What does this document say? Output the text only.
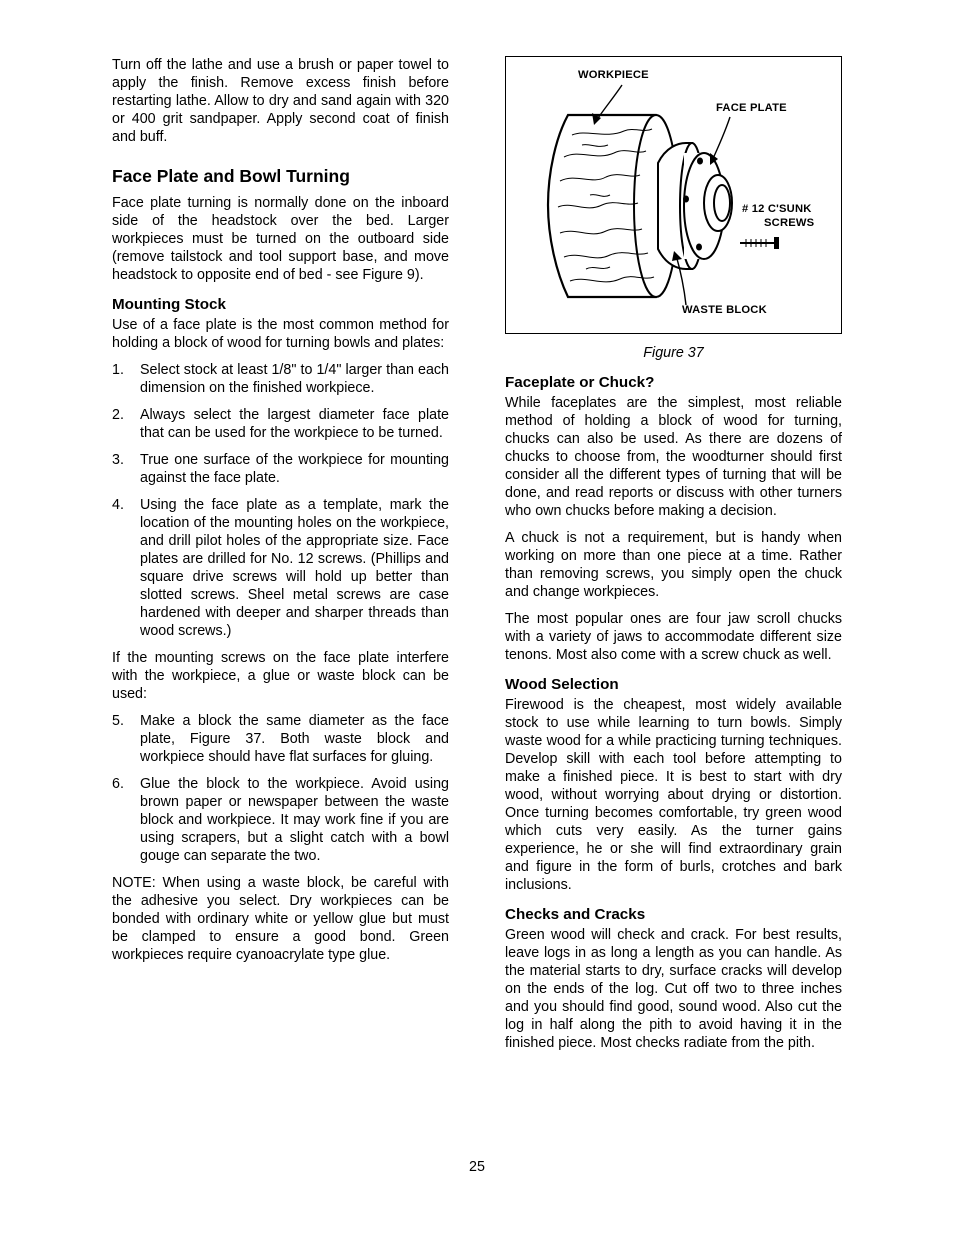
Turn off the lathe and use a brush or paper towel to apply the finish. Remove excess finish before restarting lathe. Allow to dry and sand again with 320 or 400 grit sandpaper. Apply second coat of finish and buff.

Face Plate and Bowl Turning

Face plate turning is normally done on the inboard side of the headstock over the bed. Larger workpieces must be turned on the outboard side (remove tailstock and tool support base, and move headstock to opposite end of bed - see Figure 9).

Mounting Stock

Use of a face plate is the most common method for holding a block of wood for turning bowls and plates:

1.	Select stock at least 1/8" to 1/4" larger than each dimension on the finished workpiece.
2.	Always select the largest diameter face plate that can be used for the workpiece to be turned.
3.	True one surface of the workpiece for mounting against the face plate.
4.	Using the face plate as a template, mark the location of the mounting holes on the workpiece, and drill pilot holes of the appropriate size. Face plates are drilled for No. 12 screws. (Phillips and square drive screws will hold up better than slotted screws. Sheel metal screws are case hardened with deeper and sharper threads than wood screws.)

If the mounting screws on the face plate interfere with the workpiece, a glue or waste block can be used:

5.	Make a block the same diameter as the face plate, Figure 37. Both waste block and workpiece should have flat surfaces for gluing.
6.	Glue the block to the workpiece. Avoid using brown paper or newspaper between the waste block and workpiece. It may work fine if you are using scrapers, but a slight catch with a bowl gouge can separate the two.

NOTE: When using a waste block, be careful with the adhesive you select. Dry workpieces can be bonded with ordinary white or yellow glue but must be clamped to ensure a good bond. Green workpieces require cyanoacrylate type glue.

WORKPIECE
FACE PLATE
# 12 C'SUNK
SCREWS
WASTE BLOCK

Figure 37

Faceplate or Chuck?

While faceplates are the simplest, most reliable method of holding a block of wood for turning, chucks can also be used. As there are dozens of chucks to choose from, the woodturner should first consider all the different types of turning that will be done, and read reports or discuss with other turners who own chucks before making a decision.

A chuck is not a requirement, but is handy when working on more than one piece at a time. Rather than removing screws, you simply open the chuck and change workpieces.

The most popular ones are four jaw scroll chucks with a variety of jaws to accommodate different size tenons. Most also come with a screw chuck as well.

Wood Selection

Firewood is the cheapest, most widely available stock to use while learning to turn bowls. Simply waste wood for a while practicing turning techniques. Develop skill with each tool before attempting to make a finished piece. It is best to start with dry wood, without worrying about drying or distortion. Once turning becomes comfortable, try green wood which cuts very easily. As the turner gains experience, he or she will find extraordinary grain and figure in the form of burls, crotches and bark inclusions.

Checks and Cracks

Green wood will check and crack. For best results, leave logs in as long a length as you can handle. As the material starts to dry, surface cracks will develop on the ends of the log. Cut off two to three inches and you should find good, sound wood. Also cut the log in half along the pith to avoid having it in the finished piece. Most checks radiate from the pith.

25
